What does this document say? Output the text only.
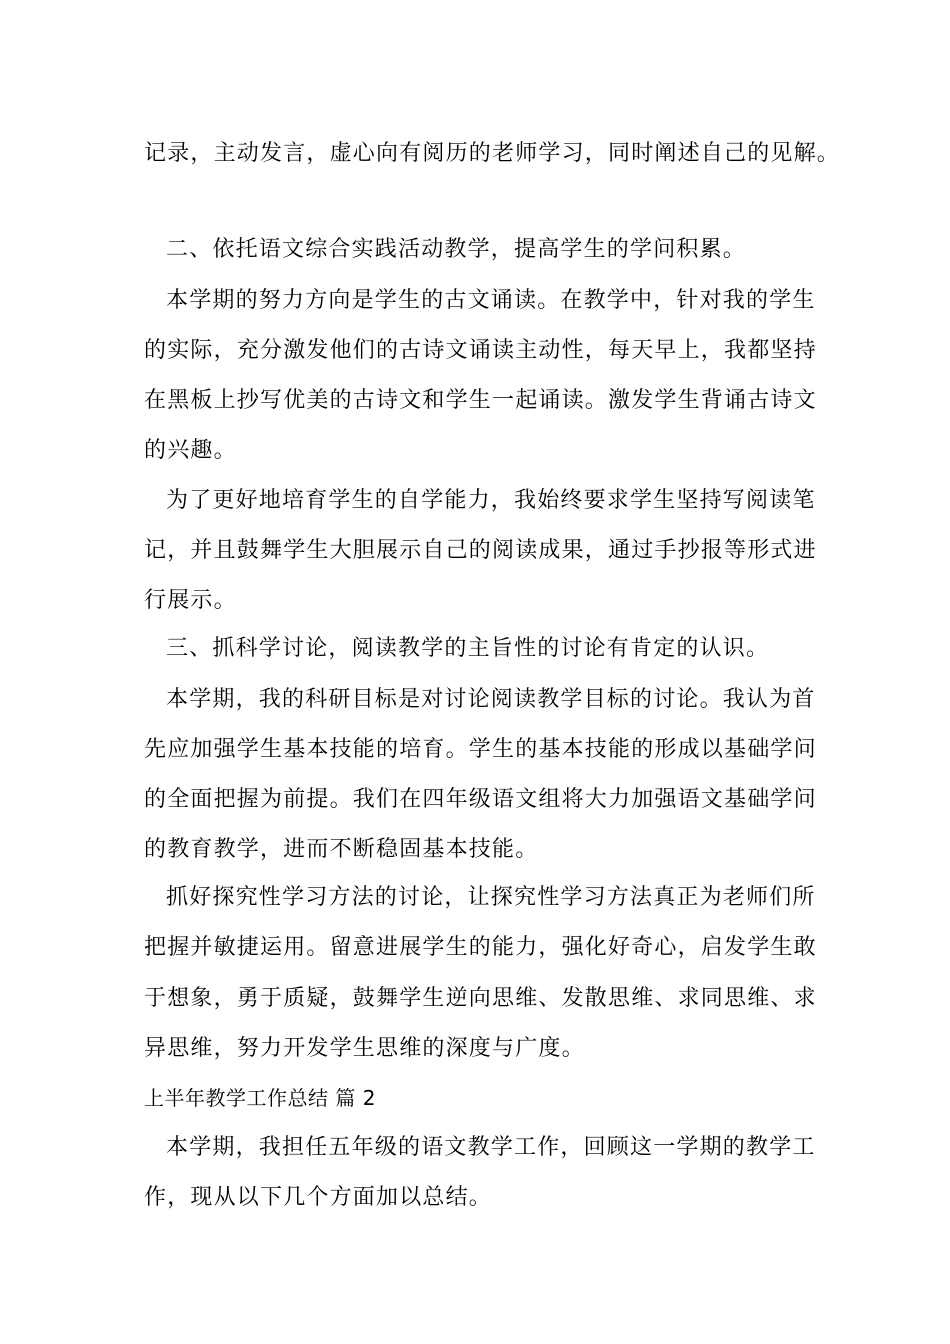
记录，主动发言，虚心向有阅历的老师学习，同时阐述自己的见解。
二、依托语文综合实践活动教学，提高学生的学问积累。
本学期的努力方向是学生的古文诵读。在教学中，针对我的学生
的实际，充分激发他们的古诗文诵读主动性，每天早上，我都坚持
在黑板上抄写优美的古诗文和学生一起诵读。激发学生背诵古诗文
的兴趣。
为了更好地培育学生的自学能力，我始终要求学生坚持写阅读笔
记，并且鼓舞学生大胆展示自己的阅读成果，通过手抄报等形式进
行展示。
三、抓科学讨论，阅读教学的主旨性的讨论有肯定的认识。
本学期，我的科研目标是对讨论阅读教学目标的讨论。我认为首
先应加强学生基本技能的培育。学生的基本技能的形成以基础学问
的全面把握为前提。我们在四年级语文组将大力加强语文基础学问
的教育教学，进而不断稳固基本技能。
抓好探究性学习方法的讨论，让探究性学习方法真正为老师们所
把握并敏捷运用。留意进展学生的能力，强化好奇心，启发学生敢
于想象，勇于质疑，鼓舞学生逆向思维、发散思维、求同思维、求
异思维，努力开发学生思维的深度与广度。
上半年教学工作总结 篇 2
本学期，我担任五年级的语文教学工作，回顾这一学期的教学工
作，现从以下几个方面加以总结。
